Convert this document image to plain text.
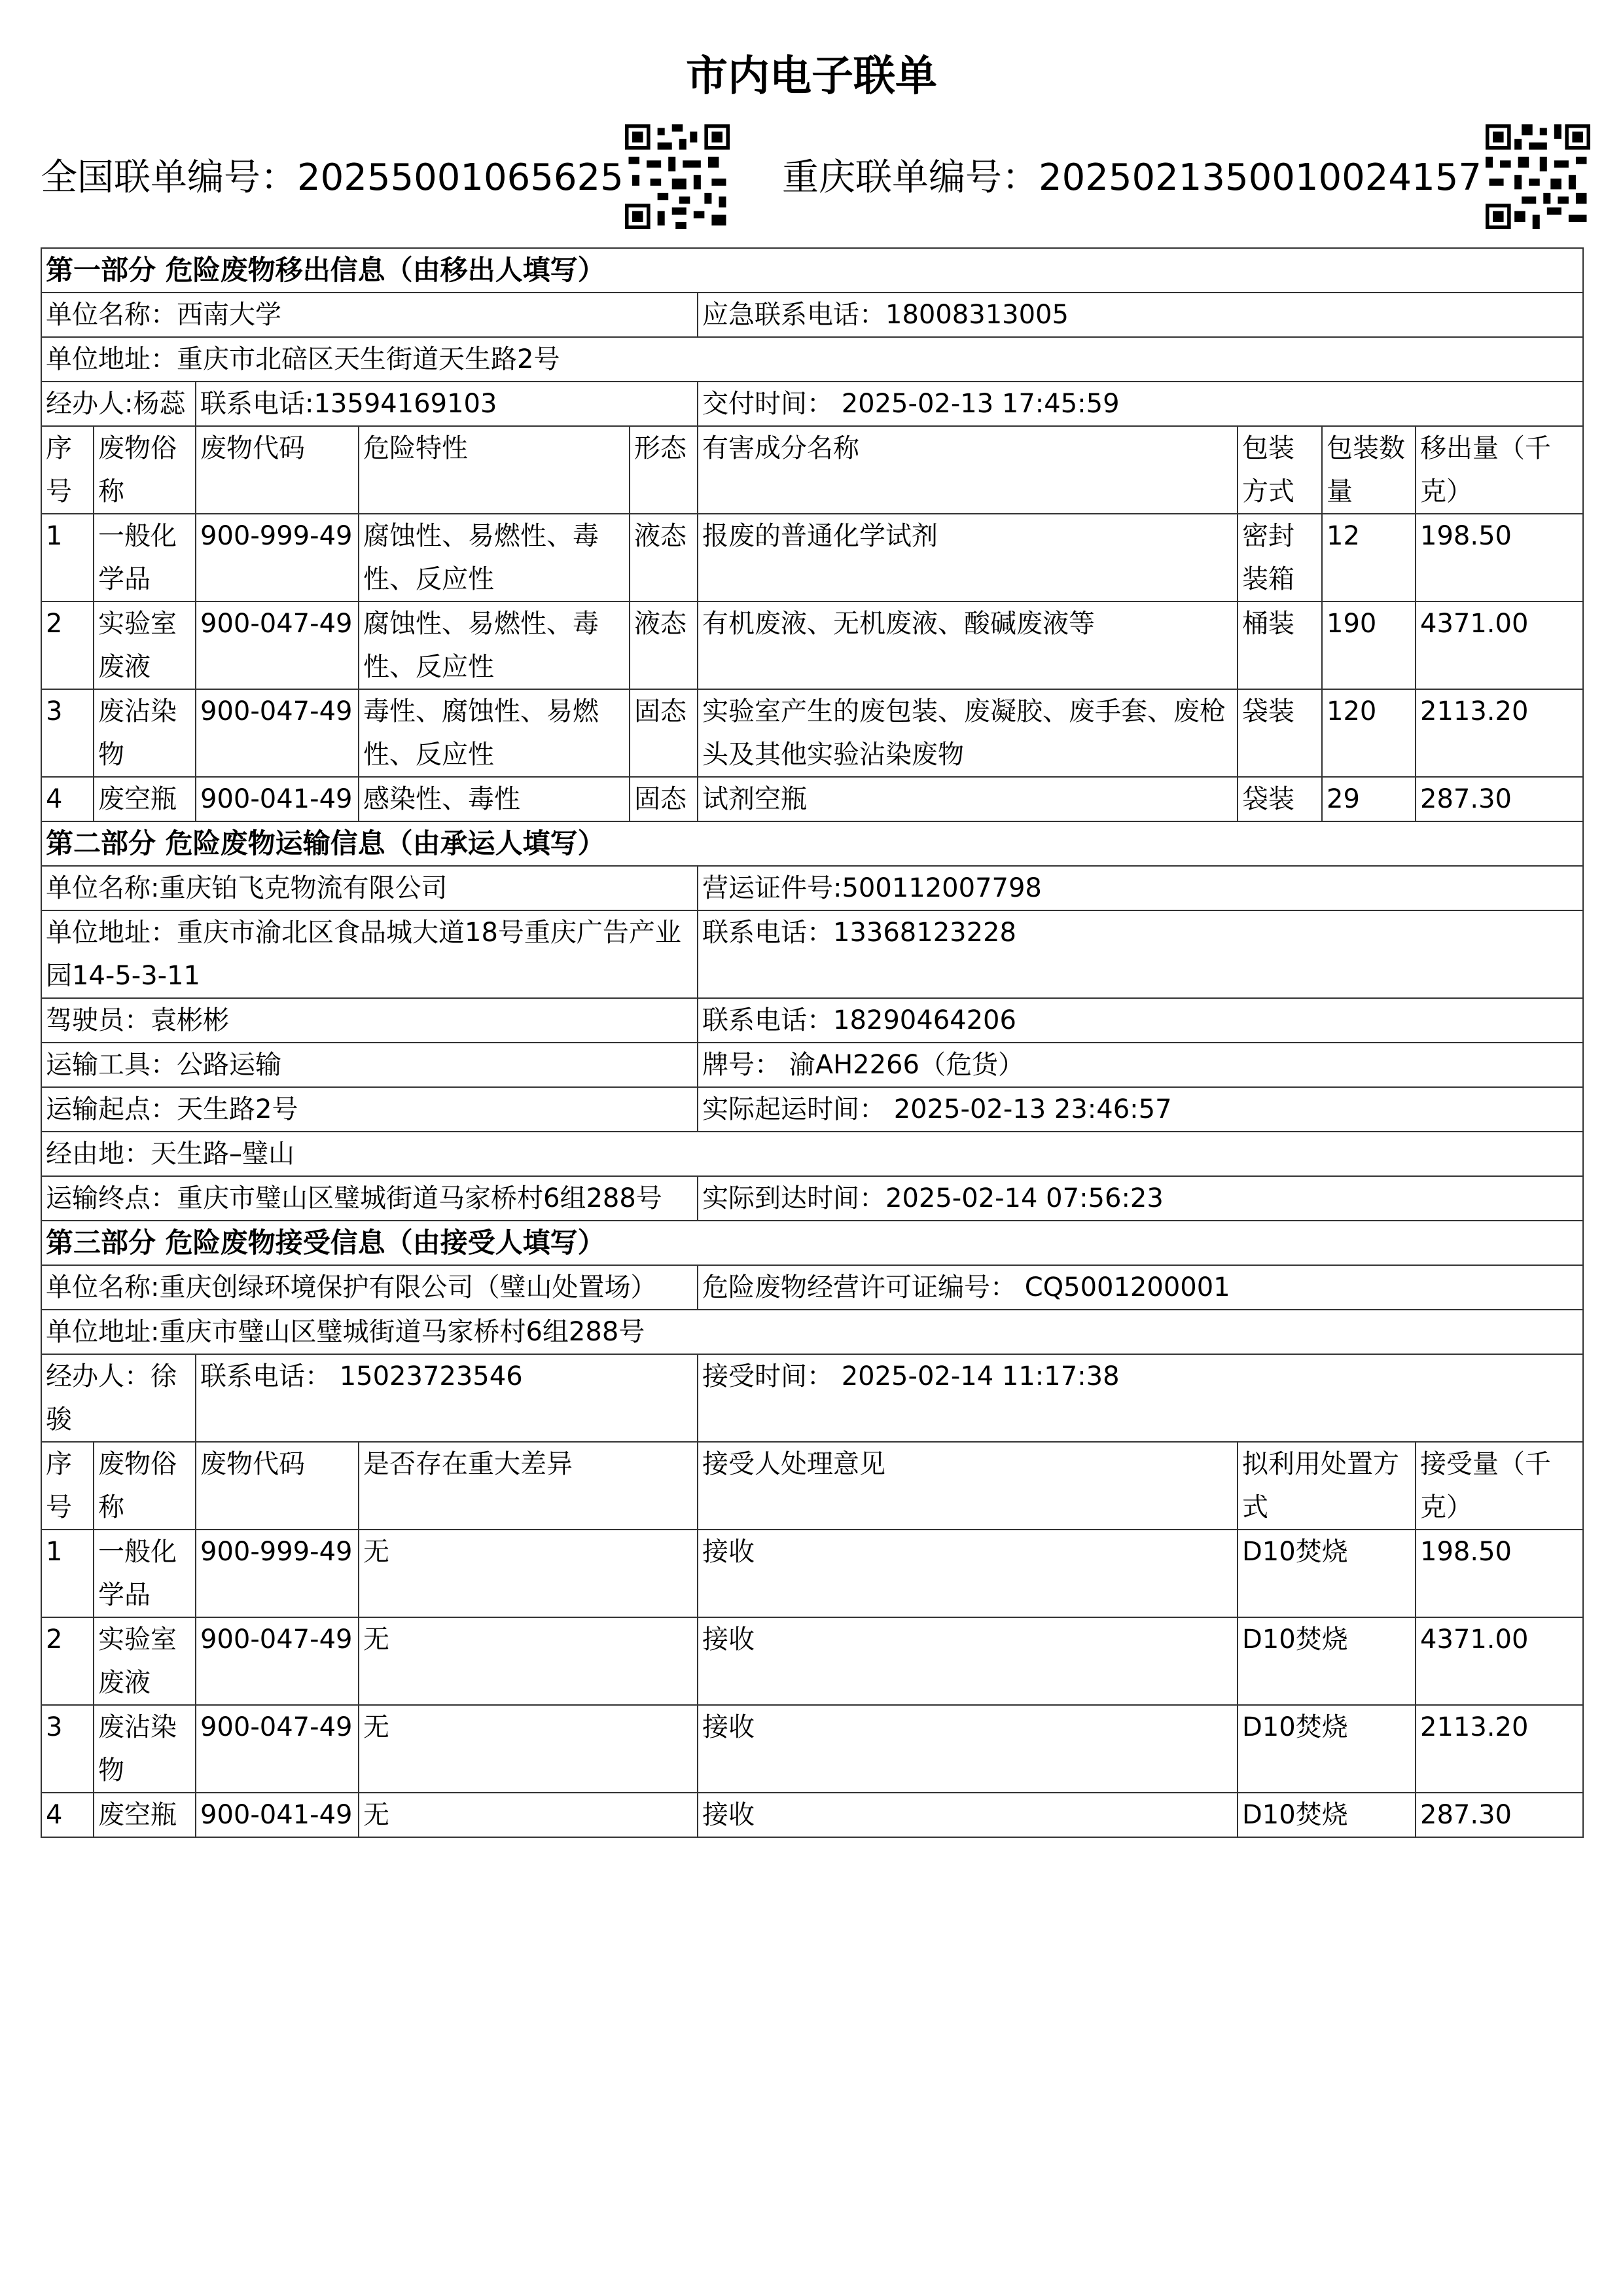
市内电子联单
全国联单编号：20255001065625	重庆联单编号：2025021350010024157
第一部分 危险废物移出信息（由移出人填写）								
单位名称：西南大学					应急联系电话：18008313005			
单位地址：重庆市北碚区天生街道天生路2号								
经办人:杨蕊		联系电话:13594169103			交付时间： 2025-02-13 17:45:59			
序号	废物俗称	废物代码	危险特性	形态	有害成分名称	包装方式	包装数量	移出量（千克）
1	一般化学品	900-999-49	腐蚀性、易燃性、毒性、反应性	液态	报废的普通化学试剂	密封装箱	12	198.50
2	实验室废液	900-047-49	腐蚀性、易燃性、毒性、反应性	液态	有机废液、无机废液、酸碱废液等	桶装	190	4371.00
3	废沾染物	900-047-49	毒性、腐蚀性、易燃性、反应性	固态	实验室产生的废包装、废凝胶、废手套、废枪头及其他实验沾染废物	袋装	120	2113.20
4	废空瓶	900-041-49	感染性、毒性	固态	试剂空瓶	袋装	29	287.30
第二部分 危险废物运输信息（由承运人填写）								
单位名称:重庆铂飞克物流有限公司					营运证件号:500112007798			
单位地址：重庆市渝北区食品城大道18号重庆广告产业园14-5-3-11					联系电话：13368123228			
驾驶员：袁彬彬					联系电话：18290464206			
运输工具：公路运输					牌号： 渝AH2266（危货）			
运输起点：天生路2号					实际起运时间： 2025-02-13 23:46:57			
经由地：天生路–璧山								
运输终点：重庆市璧山区璧城街道马家桥村6组288号					实际到达时间：2025-02-14 07:56:23			
第三部分 危险废物接受信息（由接受人填写）								
单位名称:重庆创绿环境保护有限公司（璧山处置场）					危险废物经营许可证编号： CQ5001200001			
单位地址:重庆市璧山区璧城街道马家桥村6组288号								
经办人：徐骏		联系电话： 15023723546			接受时间： 2025-02-14 11:17:38			
序号	废物俗称	废物代码	是否存在重大差异		接受人处理意见	拟利用处置方式		接受量（千克）
1	一般化学品	900-999-49	无		接收	D10焚烧		198.50
2	实验室废液	900-047-49	无		接收	D10焚烧		4371.00
3	废沾染物	900-047-49	无		接收	D10焚烧		2113.20
4	废空瓶	900-041-49	无		接收	D10焚烧		287.30
